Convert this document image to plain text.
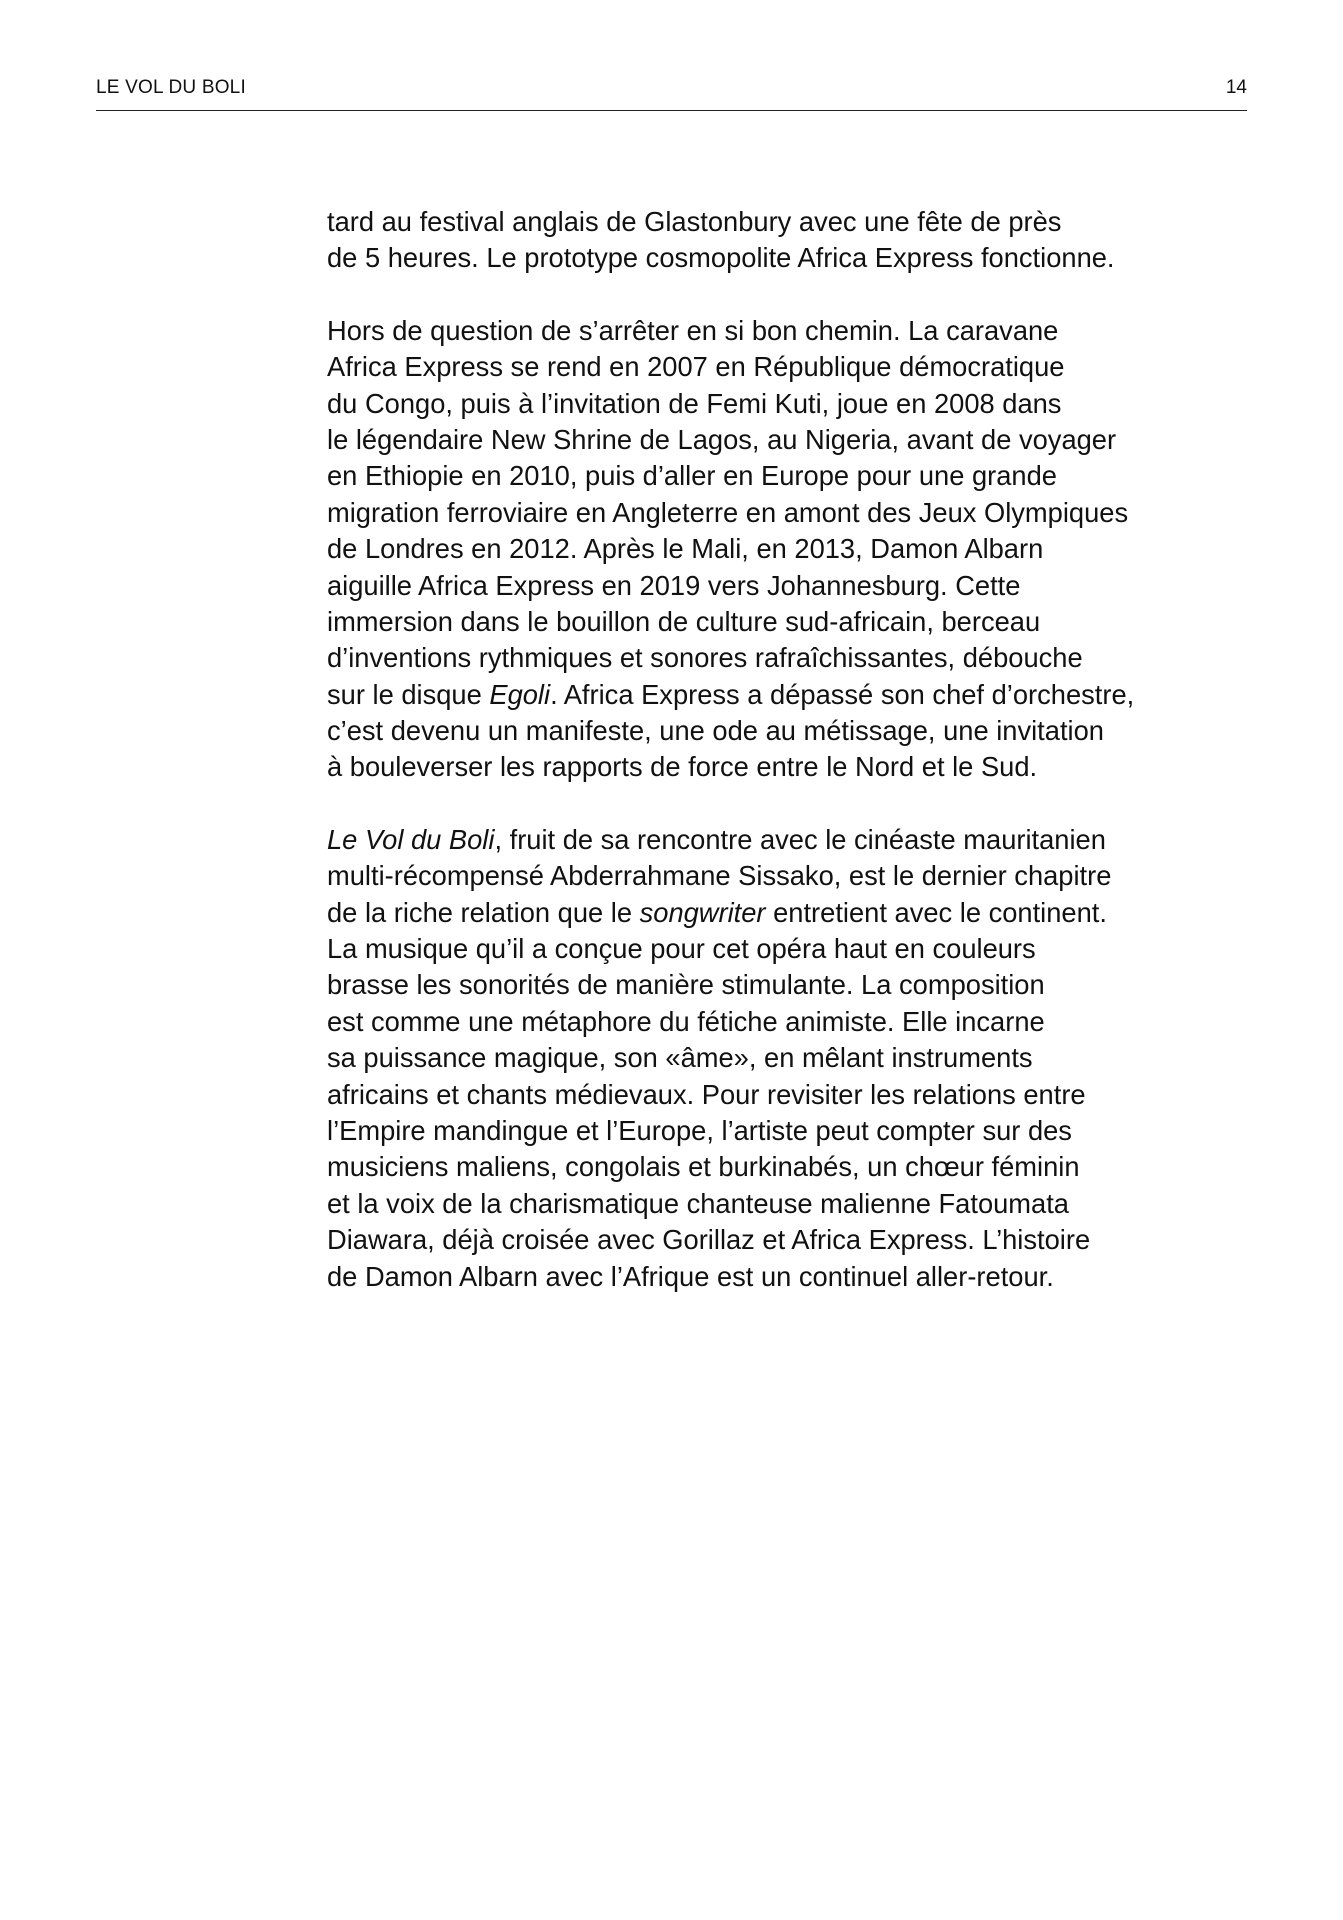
LE VOL DU BOLI	14

tard au festival anglais de Glastonbury avec une fête de près
de 5 heures. Le prototype cosmopolite Africa Express fonctionne.

Hors de question de s’arrêter en si bon chemin. La caravane
Africa Express se rend en 2007 en République démocratique
du Congo, puis à l’invitation de Femi Kuti, joue en 2008 dans
le légendaire New Shrine de Lagos, au Nigeria, avant de voyager
en Ethiopie en 2010, puis d’aller en Europe pour une grande
migration ferroviaire en Angleterre en amont des Jeux Olympiques
de Londres en 2012. Après le Mali, en 2013, Damon Albarn
aiguille Africa Express en 2019 vers Johannesburg. Cette
immersion dans le bouillon de culture sud-africain, berceau
d’inventions rythmiques et sonores rafraîchissantes, débouche
sur le disque Egoli. Africa Express a dépassé son chef d’orchestre,
c’est devenu un manifeste, une ode au métissage, une invitation
à bouleverser les rapports de force entre le Nord et le Sud.

Le Vol du Boli, fruit de sa rencontre avec le cinéaste mauritanien
multi-récompensé Abderrahmane Sissako, est le dernier chapitre
de la riche relation que le songwriter entretient avec le continent.
La musique qu’il a conçue pour cet opéra haut en couleurs
brasse les sonorités de manière stimulante. La composition
est comme une métaphore du fétiche animiste. Elle incarne
sa puissance magique, son «âme», en mêlant instruments
africains et chants médievaux. Pour revisiter les relations entre
l’Empire mandingue et l’Europe, l’artiste peut compter sur des
musiciens maliens, congolais et burkinabés, un chœur féminin
et la voix de la charismatique chanteuse malienne Fatoumata
Diawara, déjà croisée avec Gorillaz et Africa Express. L’histoire
de Damon Albarn avec l’Afrique est un continuel aller-retour.
